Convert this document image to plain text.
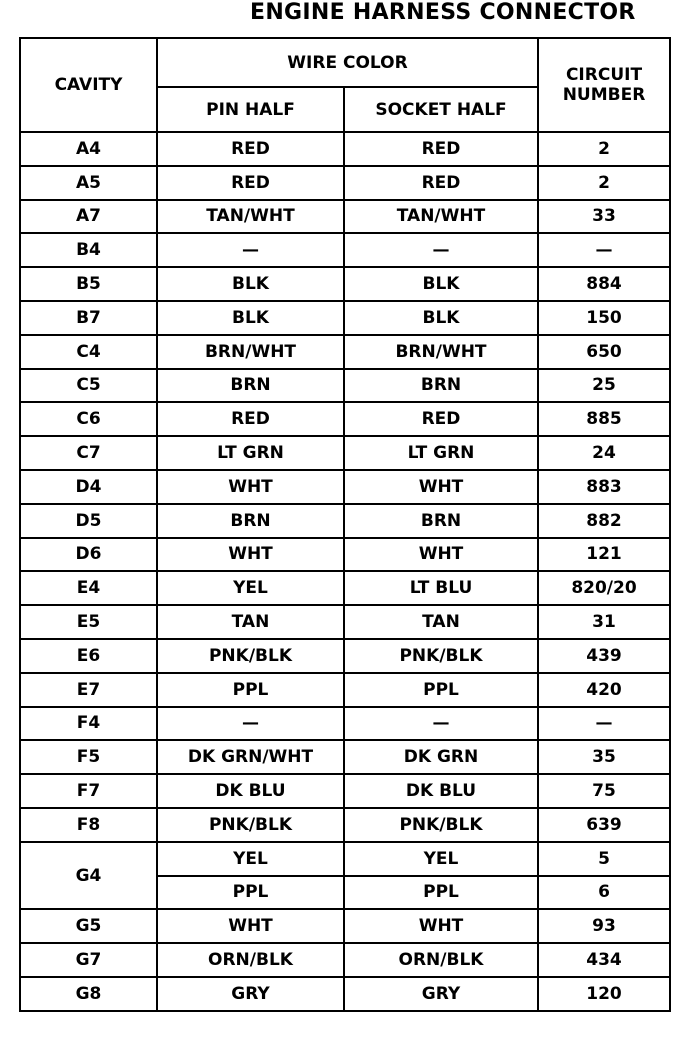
ENGINE HARNESS CONNECTOR
CAVITY	WIRE COLOR		CIRCUIT
NUMBER
	PIN HALF	SOCKET HALF	
A4	RED	RED	2
A5	RED	RED	2
A7	TAN/WHT	TAN/WHT	33
B4	—	—	—
B5	BLK	BLK	884
B7	BLK	BLK	150
C4	BRN/WHT	BRN/WHT	650
C5	BRN	BRN	25
C6	RED	RED	885
C7	LT GRN	LT GRN	24
D4	WHT	WHT	883
D5	BRN	BRN	882
D6	WHT	WHT	121
E4	YEL	LT BLU	820/20
E5	TAN	TAN	31
E6	PNK/BLK	PNK/BLK	439
E7	PPL	PPL	420
F4	—	—	—
F5	DK GRN/WHT	DK GRN	35
F7	DK BLU	DK BLU	75
F8	PNK/BLK	PNK/BLK	639
G4	YEL	YEL	5
	PPL	PPL	6
G5	WHT	WHT	93
G7	ORN/BLK	ORN/BLK	434
G8	GRY	GRY	120
